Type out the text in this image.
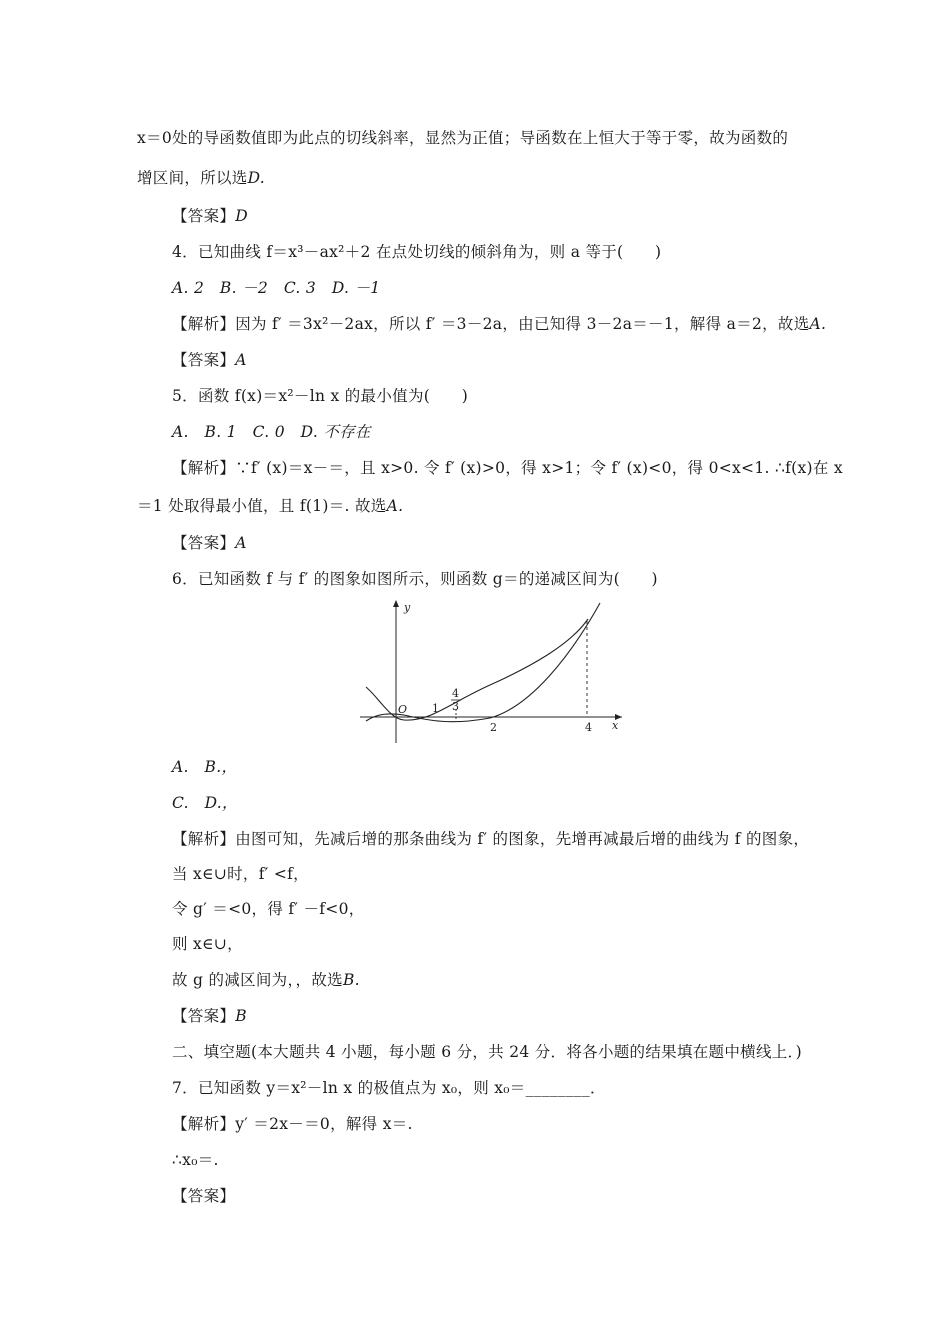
x＝0处的导函数值即为此点的切线斜率，显然为正值；导函数在上恒大于等于零，故为函数的
增区间，所以选D.
【答案】D
4．已知曲线 f＝x³－ax²＋2 在点处切线的倾斜角为，则 a 等于(　　)
A. 2　B. －2　C. 3　D. －1
【解析】因为 f′ ＝3x²－2ax，所以 f′ ＝3－2a，由已知得 3－2a＝－1，解得 a＝2，故选A.
【答案】A
5．函数 f(x)＝x²－ln x 的最小值为(　　)
A.　B. 1　C. 0　D. 不存在
【解析】∵f′ (x)＝x－＝，且 x>0. 令 f′ (x)>0，得 x>1；令 f′ (x)<0，得 0<x<1. ∴f(x)在 x
＝1 处取得最小值，且 f(1)＝. 故选A.
【答案】A
6．已知函数 f 与 f′ 的图象如图所示，则函数 g＝的递减区间为(　　)
y
x
O 1
4
3
2	4
A.　B.，
C.　D.，
【解析】由图可知，先减后增的那条曲线为 f′ 的图象，先增再减最后增的曲线为 f 的图象，
当 x∈∪时，f′ <f，
令 g′ ＝<0，得 f′ －f<0，
则 x∈∪，
故 g 的减区间为，，故选B.
【答案】B
二、填空题(本大题共 4 小题，每小题 6 分，共 24 分．将各小题的结果填在题中横线上．)
7．已知函数 y＝x²－ln x 的极值点为 x₀，则 x₀＝________．
【解析】y′ ＝2x－＝0，解得 x＝.
∴x₀＝.
【答案】
